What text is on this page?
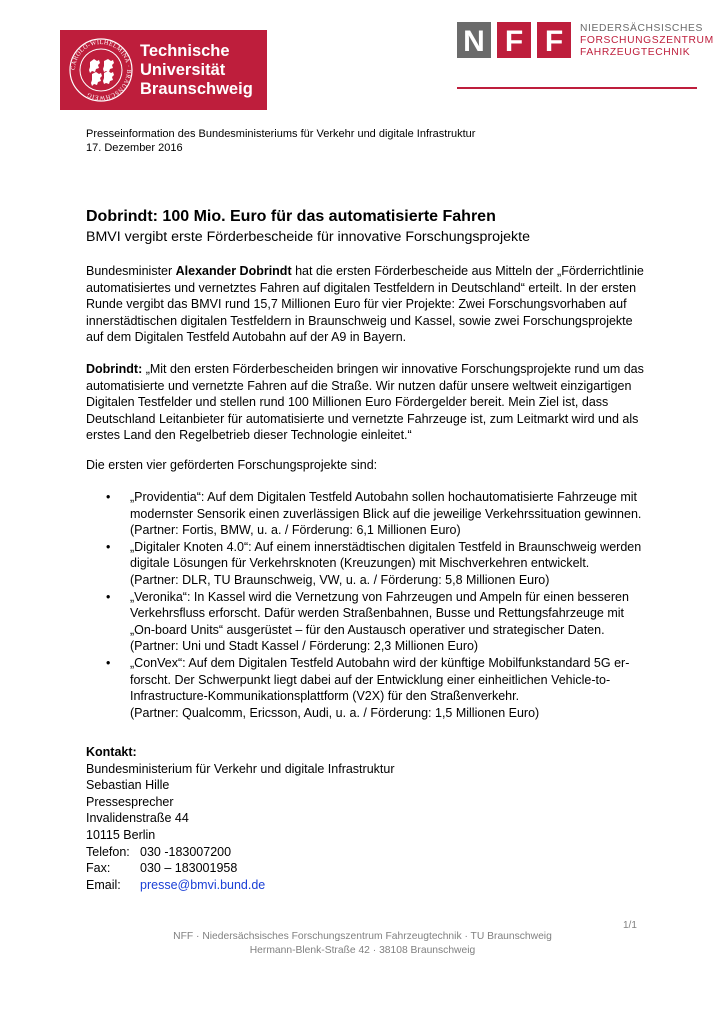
CAROLO-WILHELMINA · BRAUNSCHWEIG
Technische
Universität
Braunschweig
N F F NIEDERSÄCHSISCHES
FORSCHUNGSZENTRUM
FAHRZEUGTECHNIK
Presseinformation des Bundesministeriums für Verkehr und digitale Infrastruktur
17. Dezember 2016
Dobrindt: 100 Mio. Euro für das automatisierte Fahren
BMVI vergibt erste Förderbescheide für innovative Forschungsprojekte
Bundesminister Alexander Dobrindt hat die ersten Förderbescheide aus Mitteln der „Förderrichtlinie
automatisiertes und vernetztes Fahren auf digitalen Testfeldern in Deutschland“ erteilt. In der ersten
Runde vergibt das BMVI rund 15,7 Millionen Euro für vier Projekte: Zwei Forschungsvorhaben auf
innerstädtischen digitalen Testfeldern in Braunschweig und Kassel, sowie zwei Forschungsprojekte
auf dem Digitalen Testfeld Autobahn auf der A9 in Bayern.
Dobrindt: „Mit den ersten Förderbescheiden bringen wir innovative Forschungsprojekte rund um das
automatisierte und vernetzte Fahren auf die Straße. Wir nutzen dafür unsere weltweit einzigartigen
Digitalen Testfelder und stellen rund 100 Millionen Euro Fördergelder bereit. Mein Ziel ist, dass
Deutschland Leitanbieter für automatisierte und vernetzte Fahrzeuge ist, zum Leitmarkt wird und als
erstes Land den Regelbetrieb dieser Technologie einleitet.“
Die ersten vier geförderten Forschungsprojekte sind:
• „Providentia“: Auf dem Digitalen Testfeld Autobahn sollen hochautomatisierte Fahrzeuge mit
modernster Sensorik einen zuverlässigen Blick auf die jeweilige Verkehrssituation gewinnen.
(Partner: Fortis, BMW, u. a. / Förderung: 6,1 Millionen Euro)
• „Digitaler Knoten 4.0“: Auf einem innerstädtischen digitalen Testfeld in Braunschweig werden
digitale Lösungen für Verkehrsknoten (Kreuzungen) mit Mischverkehren entwickelt.
(Partner: DLR, TU Braunschweig, VW, u. a. / Förderung: 5,8 Millionen Euro)
• „Veronika“: In Kassel wird die Vernetzung von Fahrzeugen und Ampeln für einen besseren
Verkehrsfluss erforscht. Dafür werden Straßenbahnen, Busse und Rettungsfahrzeuge mit
„On-board Units“ ausgerüstet – für den Austausch operativer und strategischer Daten.
(Partner: Uni und Stadt Kassel / Förderung: 2,3 Millionen Euro)
• „ConVex“: Auf dem Digitalen Testfeld Autobahn wird der künftige Mobilfunkstandard 5G er-
forscht. Der Schwerpunkt liegt dabei auf der Entwicklung einer einheitlichen Vehicle-to-
Infrastructure-Kommunikationsplattform (V2X) für den Straßenverkehr.
(Partner: Qualcomm, Ericsson, Audi, u. a. / Förderung: 1,5 Millionen Euro)
Kontakt:
Bundesministerium für Verkehr und digitale Infrastruktur
Sebastian Hille
Pressesprecher
Invalidenstraße 44
10115 Berlin
Telefon: 030 -183007200
Fax: 030 – 183001958
Email: presse@bmvi.bund.de
1/1
NFF · Niedersächsisches Forschungszentrum Fahrzeugtechnik · TU Braunschweig
Hermann-Blenk-Straße 42 · 38108 Braunschweig
